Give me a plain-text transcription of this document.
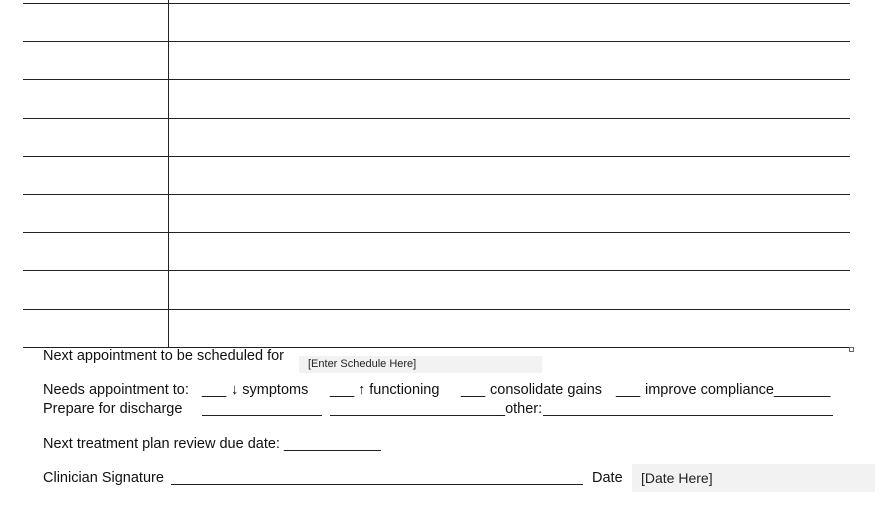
Next appointment to be scheduled for	[Enter Schedule Here]
Needs appointment to: ___ ↓ symptoms ___ ↑ functioning ___ consolidate gains ___ improve compliance_______
Prepare for discharge	_other:
Next treatment plan review due date: ____________
Clinician Signature	Date	[Date Here]
